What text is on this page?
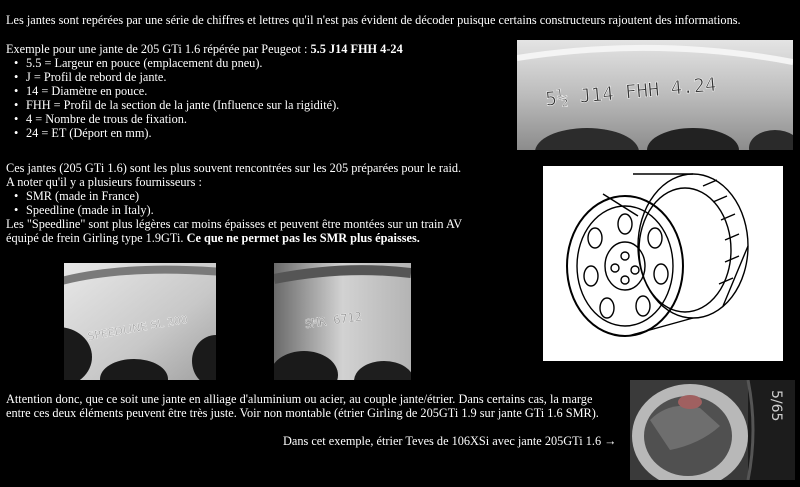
Les jantes sont repérées par une série de chiffres et lettres qu'il n'est pas évident de décoder puisque certains constructeurs rajoutent des informations.
Exemple pour une jante de 205 GTi 1.6 répérée par Peugeot : 5.5 J14 FHH 4-24
• 5.5 = Largeur en pouce (emplacement du pneu).
• J = Profil de rebord de jante.
• 14 = Diamètre en pouce.
• FHH = Profil de la section de la jante (Influence sur la rigidité).
• 4 = Nombre de trous de fixation.
• 24 = ET (Déport en mm).
Ces jantes (205 GTi 1.6) sont les plus souvent rencontrées sur les 205 préparées pour le raid.
A noter qu'il y a plusieurs fournisseurs :
• SMR (made in France)
• Speedline (made in Italy).
Les "Speedline" sont plus légères car moins épaisses et peuvent être montées sur un train AV
équipé de frein Girling type 1.9GTi. Ce que ne permet pas les SMR plus épaisses.
Attention donc, que ce soit une jante en alliage d'aluminium ou acier, au couple jante/étrier. Dans certains cas, la marge
entre ces deux éléments peuvent être très juste. Voir non montable (étrier Girling de 205GTi 1.9 sur jante GTi 1.6 SMR).
Dans cet exemple, étrier Teves de 106XSi avec jante 205GTi 1.6 →
5½ J14 FHH 4.24
SPEEDLINE SL 200	SMR 6712
5/65
